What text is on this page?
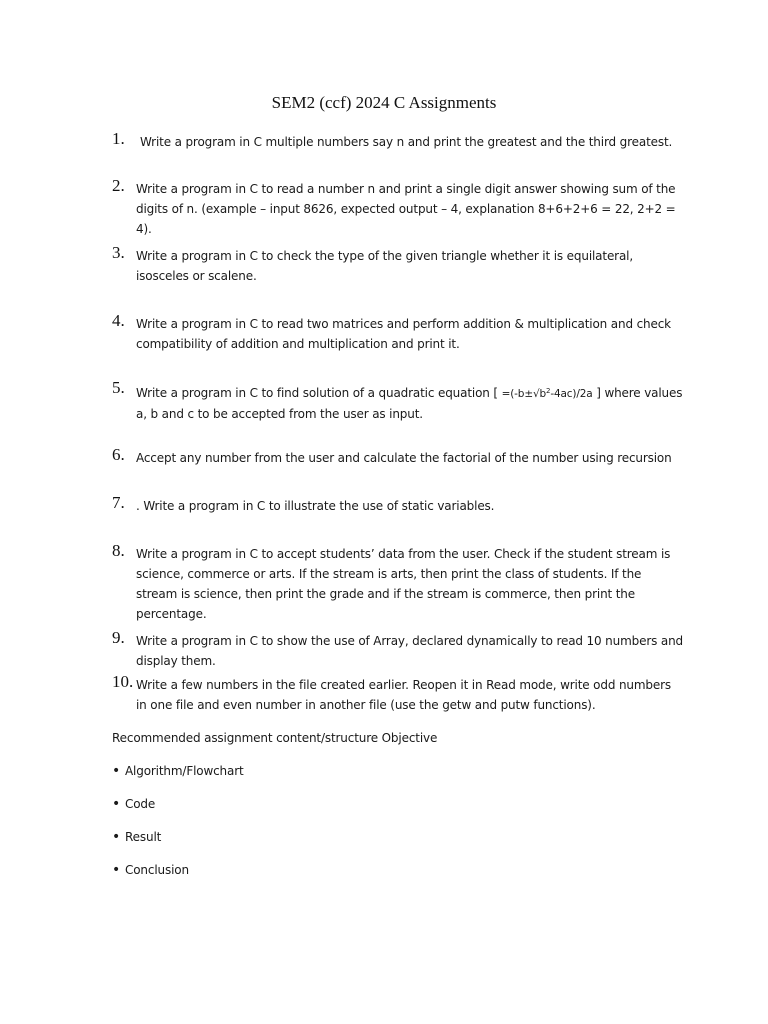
SEM2 (ccf) 2024 C Assignments
1. Write a program in C multiple numbers say n and print the greatest and the third greatest.
2. Write a program in C to read a number n and print a single digit answer showing sum of the digits of n. (example – input 8626, expected output – 4, explanation 8+6+2+6 = 22, 2+2 = 4).
3. Write a program in C to check the type of the given triangle whether it is equilateral, isosceles or scalene.
4. Write a program in C to read two matrices and perform addition & multiplication and check compatibility of addition and multiplication and print it.
5. Write a program in C to find solution of a quadratic equation [ $=(-b\pm√b^2-4ac)/2a$ ] where values a, b and c to be accepted from the user as input.
6. Accept any number from the user and calculate the factorial of the number using recursion
7. . Write a program in C to illustrate the use of static variables.
8. Write a program in C to accept students’ data from the user. Check if the student stream is science, commerce or arts. If the stream is arts, then print the class of students. If the stream is science, then print the grade and if the stream is commerce, then print the percentage.
9. Write a program in C to show the use of Array, declared dynamically to read 10 numbers and display them.
10. Write a few numbers in the file created earlier. Reopen it in Read mode, write odd numbers in one file and even number in another file (use the getw and putw functions).
Recommended assignment content/structure Objective
• Algorithm/Flowchart
• Code
• Result
• Conclusion
